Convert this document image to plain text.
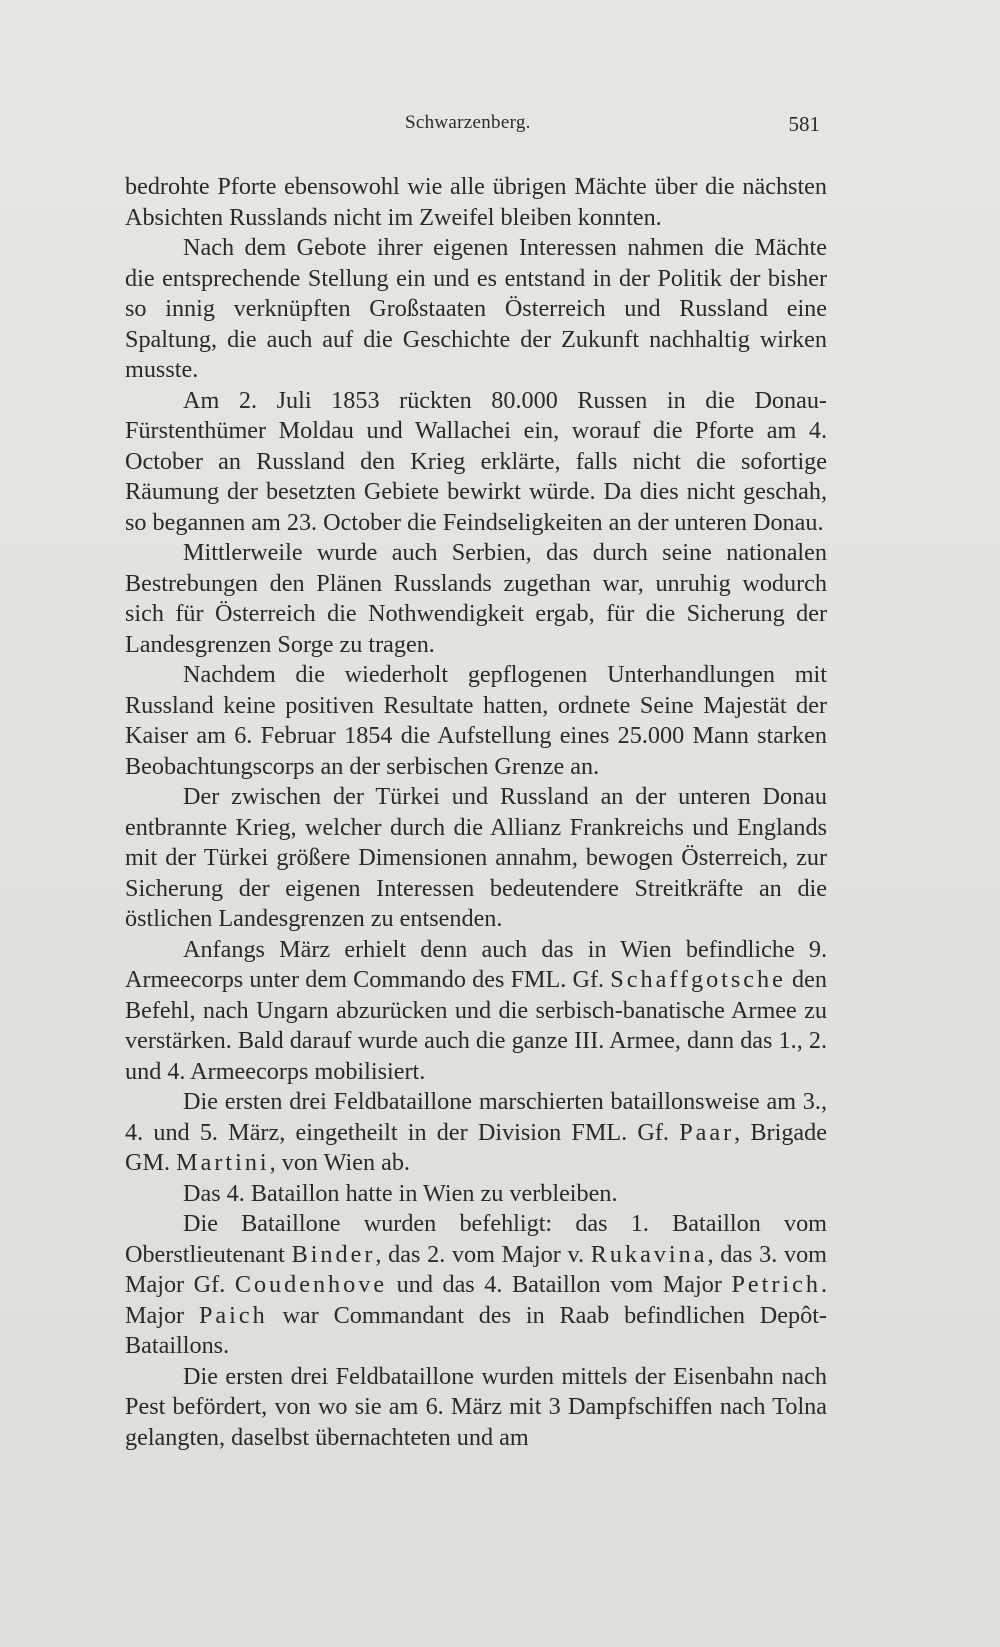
Schwarzenberg.	581

bedrohte Pforte ebensowohl wie alle übrigen Mächte über die nächsten Absichten Russlands nicht im Zweifel bleiben konnten.

Nach dem Gebote ihrer eigenen Interessen nahmen die Mächte die entsprechende Stellung ein und es entstand in der Politik der bisher so innig verknüpften Großstaaten Österreich und Russland eine Spaltung, die auch auf die Geschichte der Zukunft nachhaltig wirken musste.

Am 2. Juli 1853 rückten 80.000 Russen in die Donau-Fürstenthümer Moldau und Wallachei ein, worauf die Pforte am 4. October an Russland den Krieg erklärte, falls nicht die sofortige Räumung der besetzten Gebiete bewirkt würde. Da dies nicht geschah, so begannen am 23. October die Feindseligkeiten an der unteren Donau.

Mittlerweile wurde auch Serbien, das durch seine nationalen Bestrebungen den Plänen Russlands zugethan war, unruhig wodurch sich für Österreich die Nothwendigkeit ergab, für die Sicherung der Landesgrenzen Sorge zu tragen.

Nachdem die wiederholt gepflogenen Unterhandlungen mit Russland keine positiven Resultate hatten, ordnete Seine Majestät der Kaiser am 6. Februar 1854 die Aufstellung eines 25.000 Mann starken Beobachtungscorps an der serbischen Grenze an.

Der zwischen der Türkei und Russland an der unteren Donau entbrannte Krieg, welcher durch die Allianz Frankreichs und Englands mit der Türkei größere Dimensionen annahm, bewogen Österreich, zur Sicherung der eigenen Interessen bedeutendere Streitkräfte an die östlichen Landesgrenzen zu entsenden.

Anfangs März erhielt denn auch das in Wien befindliche 9. Armeecorps unter dem Commando des FML. Gf. Schaffgotsche den Befehl, nach Ungarn abzurücken und die serbisch-banatische Armee zu verstärken. Bald darauf wurde auch die ganze III. Armee, dann das 1., 2. und 4. Armeecorps mobilisiert.

Die ersten drei Feldbataillone marschierten bataillonsweise am 3., 4. und 5. März, eingetheilt in der Division FML. Gf. Paar, Brigade GM. Martini, von Wien ab.

Das 4. Bataillon hatte in Wien zu verbleiben.

Die Bataillone wurden befehligt: das 1. Bataillon vom Oberstlieutenant Binder, das 2. vom Major v. Rukavina, das 3. vom Major Gf. Coudenhove und das 4. Bataillon vom Major Petrich. Major Paich war Commandant des in Raab befindlichen Depôt-Bataillons.

Die ersten drei Feldbataillone wurden mittels der Eisenbahn nach Pest befördert, von wo sie am 6. März mit 3 Dampfschiffen nach Tolna gelangten, daselbst übernachteten und am
